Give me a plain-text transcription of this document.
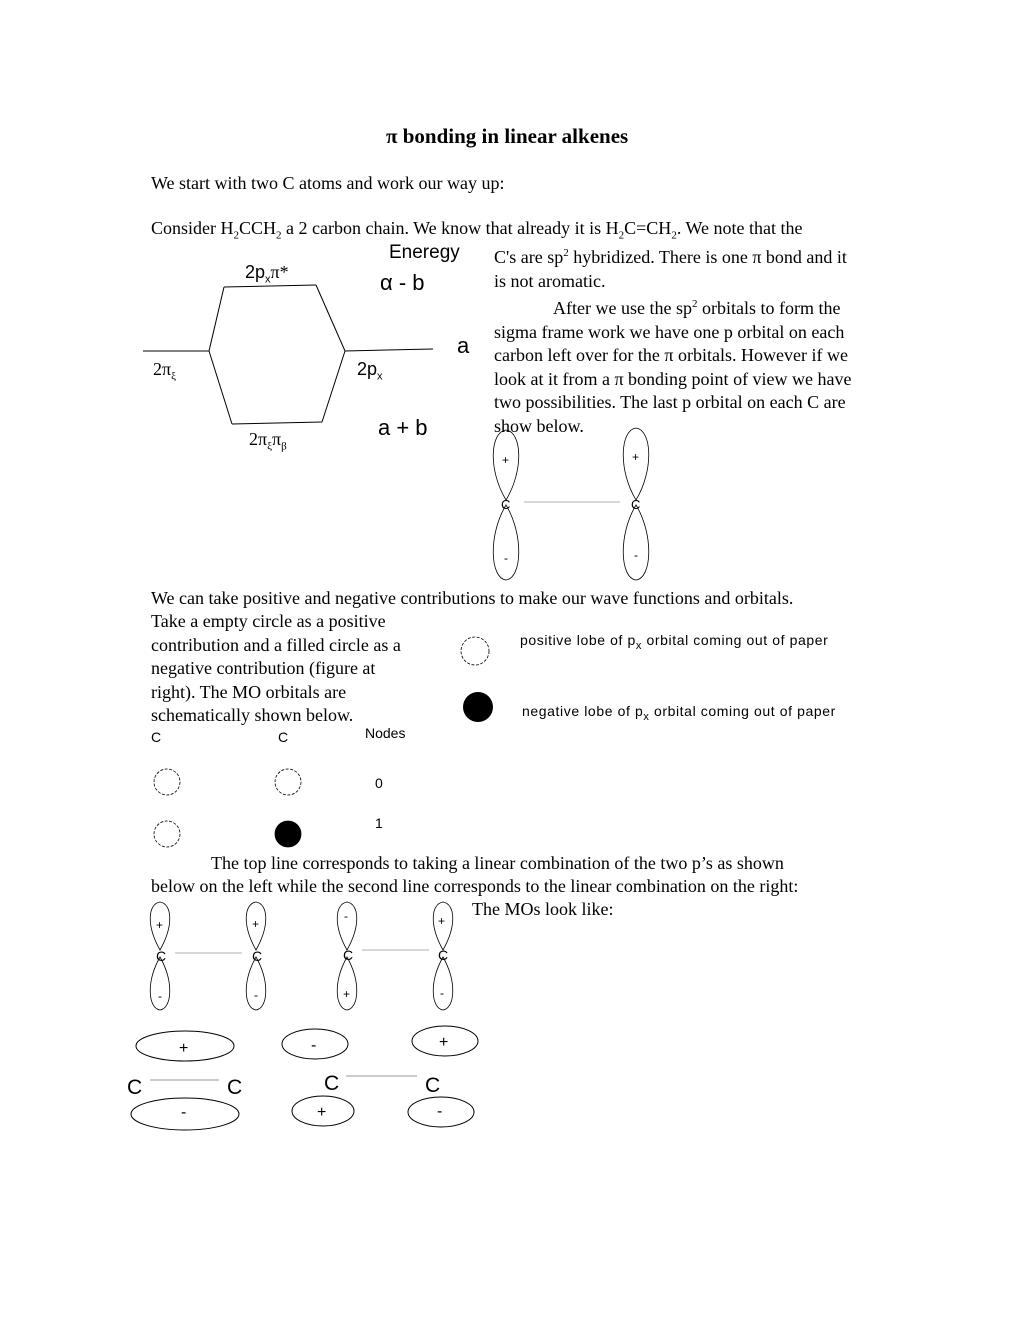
π bonding in linear alkenes
We start with two C atoms and work our way up:
Consider $H_2CCH_2$ a 2 carbon chain. We know that already it is $H_2C=CH_2$. We note that the
C's are $sp^2$ hybridized. There is one π bond and it
is not aromatic.
After we use the $sp^2$ orbitals to form the
sigma frame work we have one p orbital on each
carbon left over for the π orbitals. However if we
look at it from a π bonding point of view we have
two possibilities. The last p orbital on each C are
show below.
Eneregy
$2p_x\pi*$	α - b
a
$2\pi_\xi$	$2p_x$
a + b
$2\pi_\xi\pi_\beta$
We can take positive and negative contributions to make our wave functions and orbitals.
Take a empty circle as a positive
contribution and a filled circle as a
negative contribution (figure at
right). The MO orbitals are
schematically shown below.
positive lobe of $p_x$ orbital coming out of paper
negative lobe of $p_x$ orbital coming out of paper
C	C	Nodes
0
1
The top line corresponds to taking a linear combination of the two p’s as shown
below on the left while the second line corresponds to the linear combination on the right:
The MOs look like:
+	+
C	C
-	-
+	+
C	C
-	-
-	+
C	C
+	-
+
-
C	C
-	+
+	-
C	C
